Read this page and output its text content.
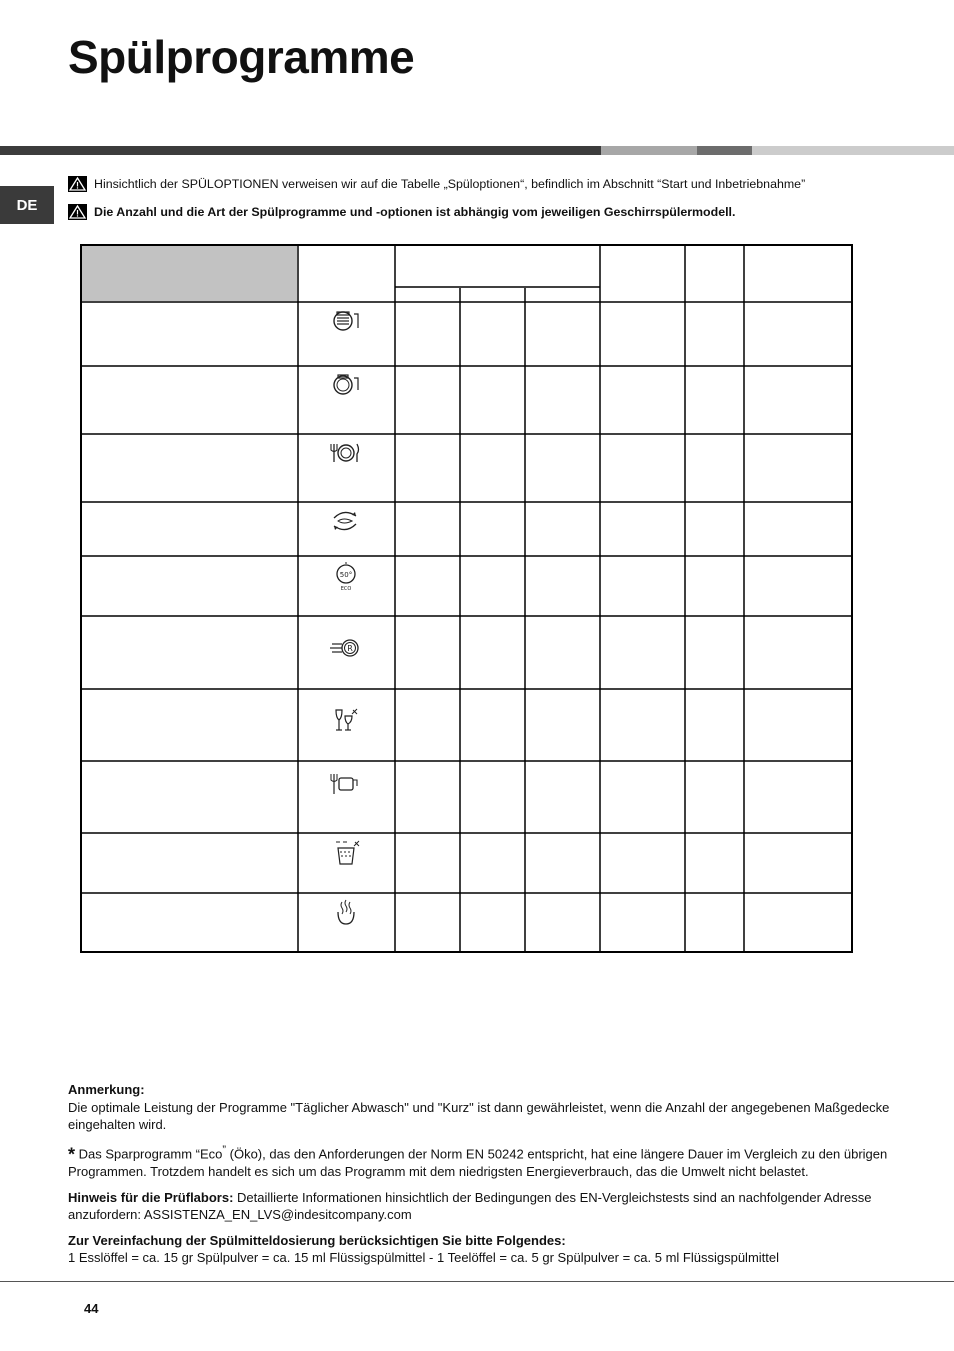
Spülprogramme
DE
Hinsichtlich der SPÜLOPTIONEN verweisen wir auf die Tabelle „Spüloptionen“, befindlich im Abschnitt “Start und Inbetriebnahme”
Die Anzahl und die Art der Spülprogramme und -optionen ist abhängig vom jeweiligen Geschirrspülermodell.
50°
ECO
R

Anmerkung:

Die optimale Leistung der Programme "Täglicher Abwasch" und "Kurz" ist dann gewährleistet, wenn die Anzahl der angegebenen Maßgedecke eingehalten wird.

* Das Sparprogramm “Eco” (Öko), das den Anforderungen der Norm EN 50242 entspricht, hat eine längere Dauer im Vergleich zu den übrigen Programmen. Trotzdem handelt es sich um das Programm mit dem niedrigsten Energieverbrauch, das die Umwelt nicht belastet.

Hinweis für die Prüflabors: Detaillierte Informationen hinsichtlich der Bedingungen des EN-Vergleichstests sind an nachfolgender Adresse anzufordern: ASSISTENZA_EN_LVS@indesitcompany.com

Zur Vereinfachung der Spülmitteldosierung berücksichtigen Sie bitte Folgendes:

1 Esslöffel = ca. 15 gr Spülpulver = ca. 15 ml Flüssigspülmittel - 1 Teelöffel = ca. 5 gr Spülpulver = ca. 5 ml Flüssigspülmittel

44
